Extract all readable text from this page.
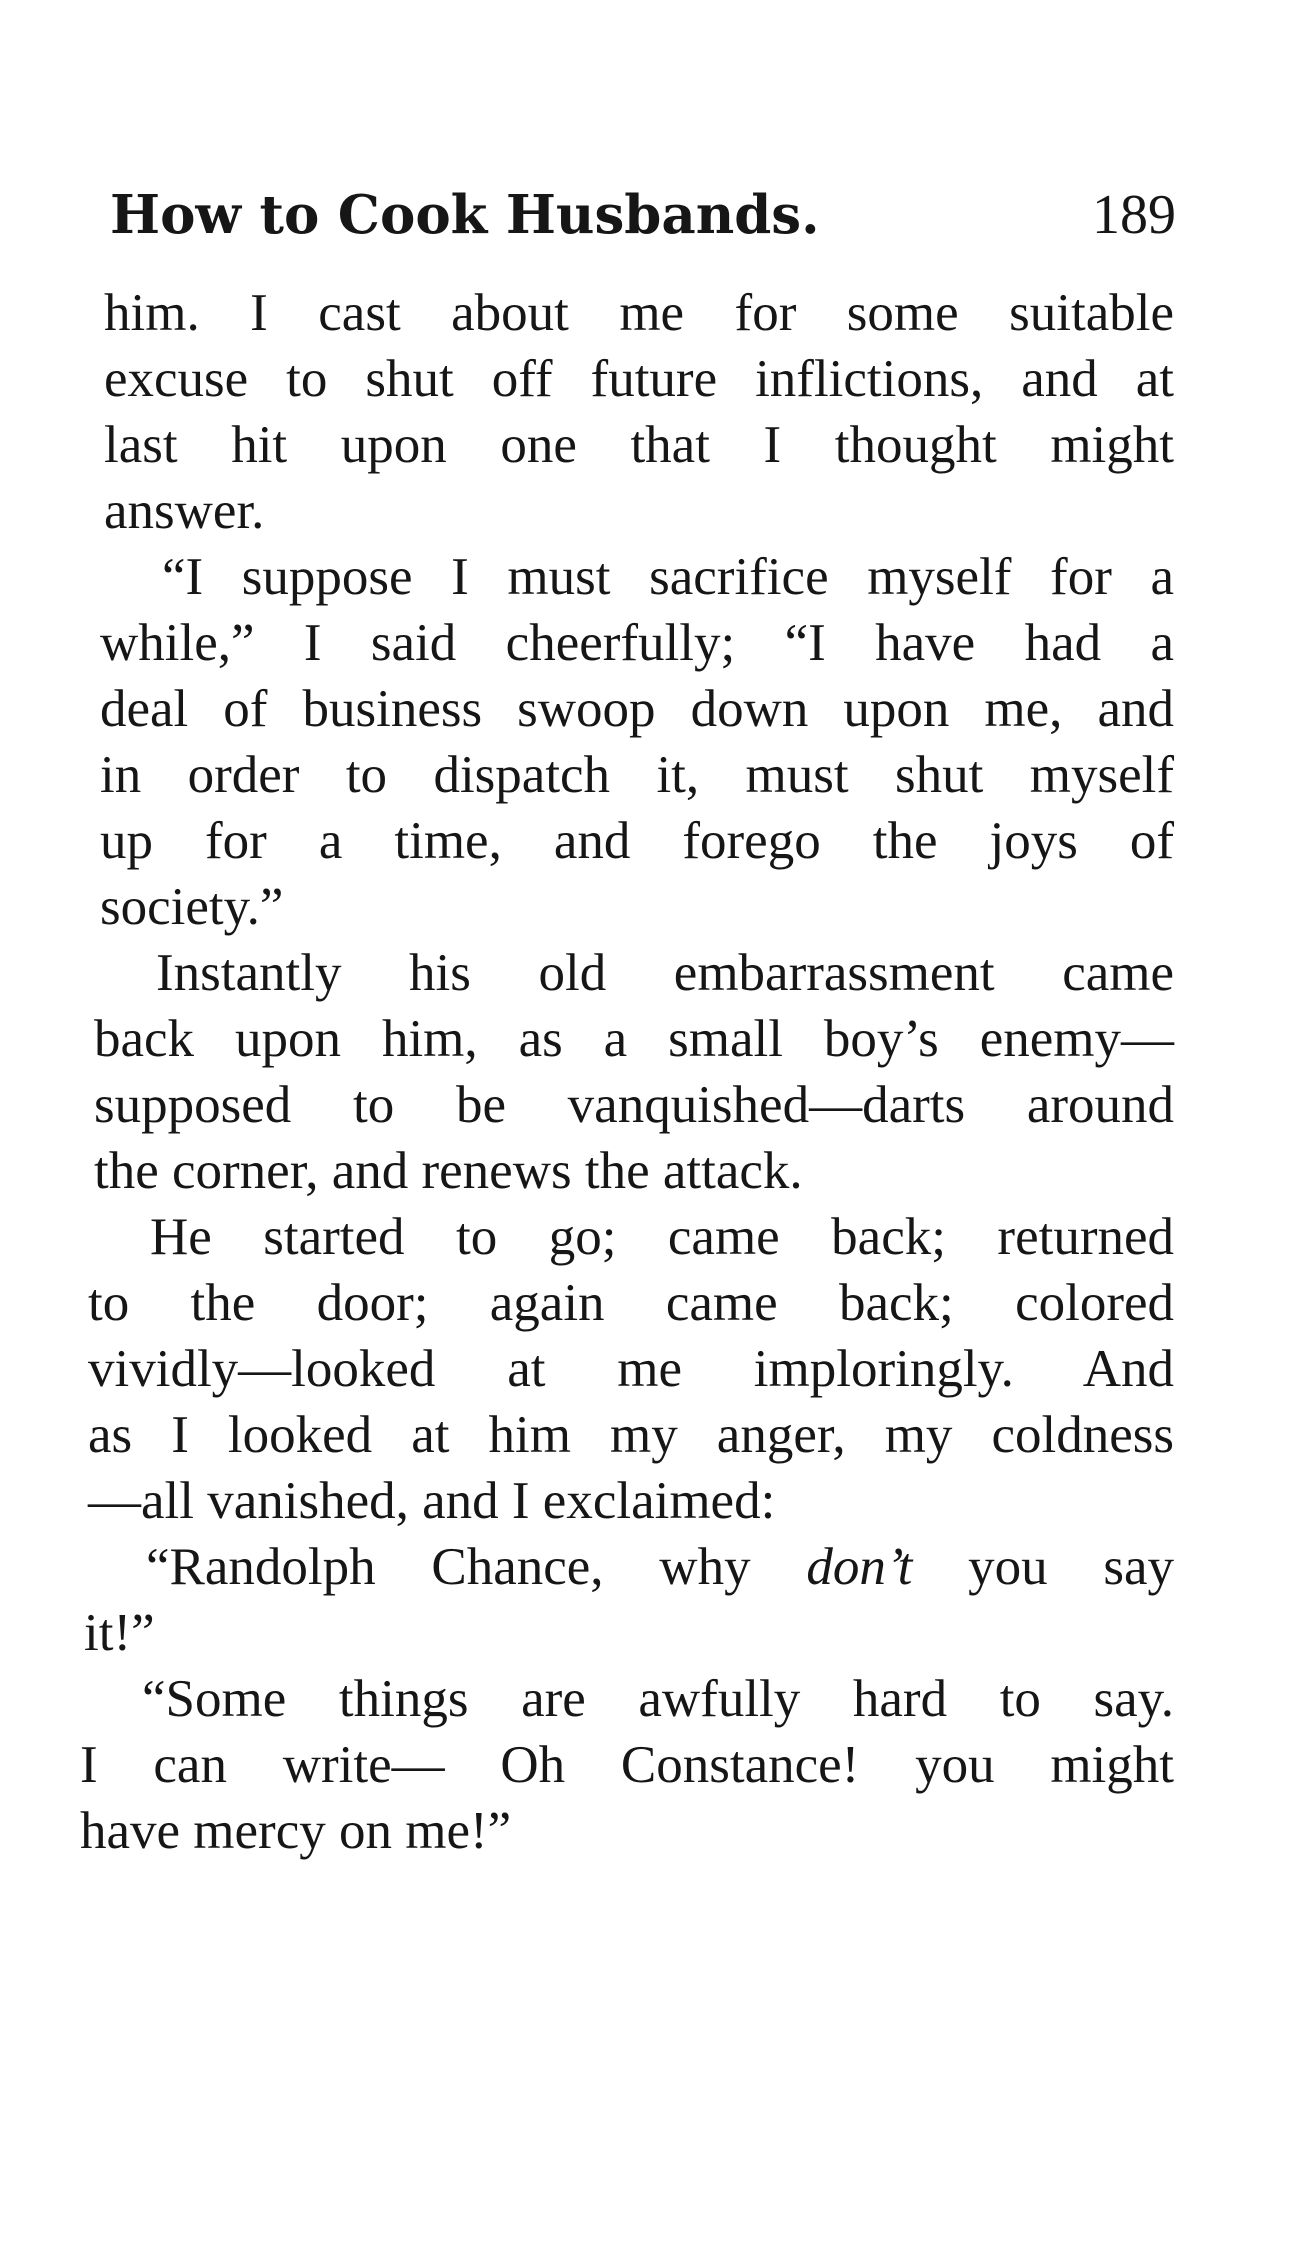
How to Cook Husbands.	189
him. I cast about me for some suitable
excuse to shut off future inflictions, and at
last hit upon one that I thought might
answer.
“I suppose I must sacrifice myself for a
while,” I said cheerfully; “I have had a
deal of business swoop down upon me, and
in order to dispatch it, must shut myself
up for a time, and forego the joys of
society.”
Instantly his old embarrassment came
back upon him, as a small boy’s enemy—
supposed to be vanquished—darts around
the corner, and renews the attack.
He started to go; came back; returned
to the door; again came back; colored
vividly—looked at me imploringly. And
as I looked at him my anger, my coldness
—all vanished, and I exclaimed:
“Randolph Chance, why don’t you say
it!”
“Some things are awfully hard to say.
I can write— Oh Constance! you might
have mercy on me!”
